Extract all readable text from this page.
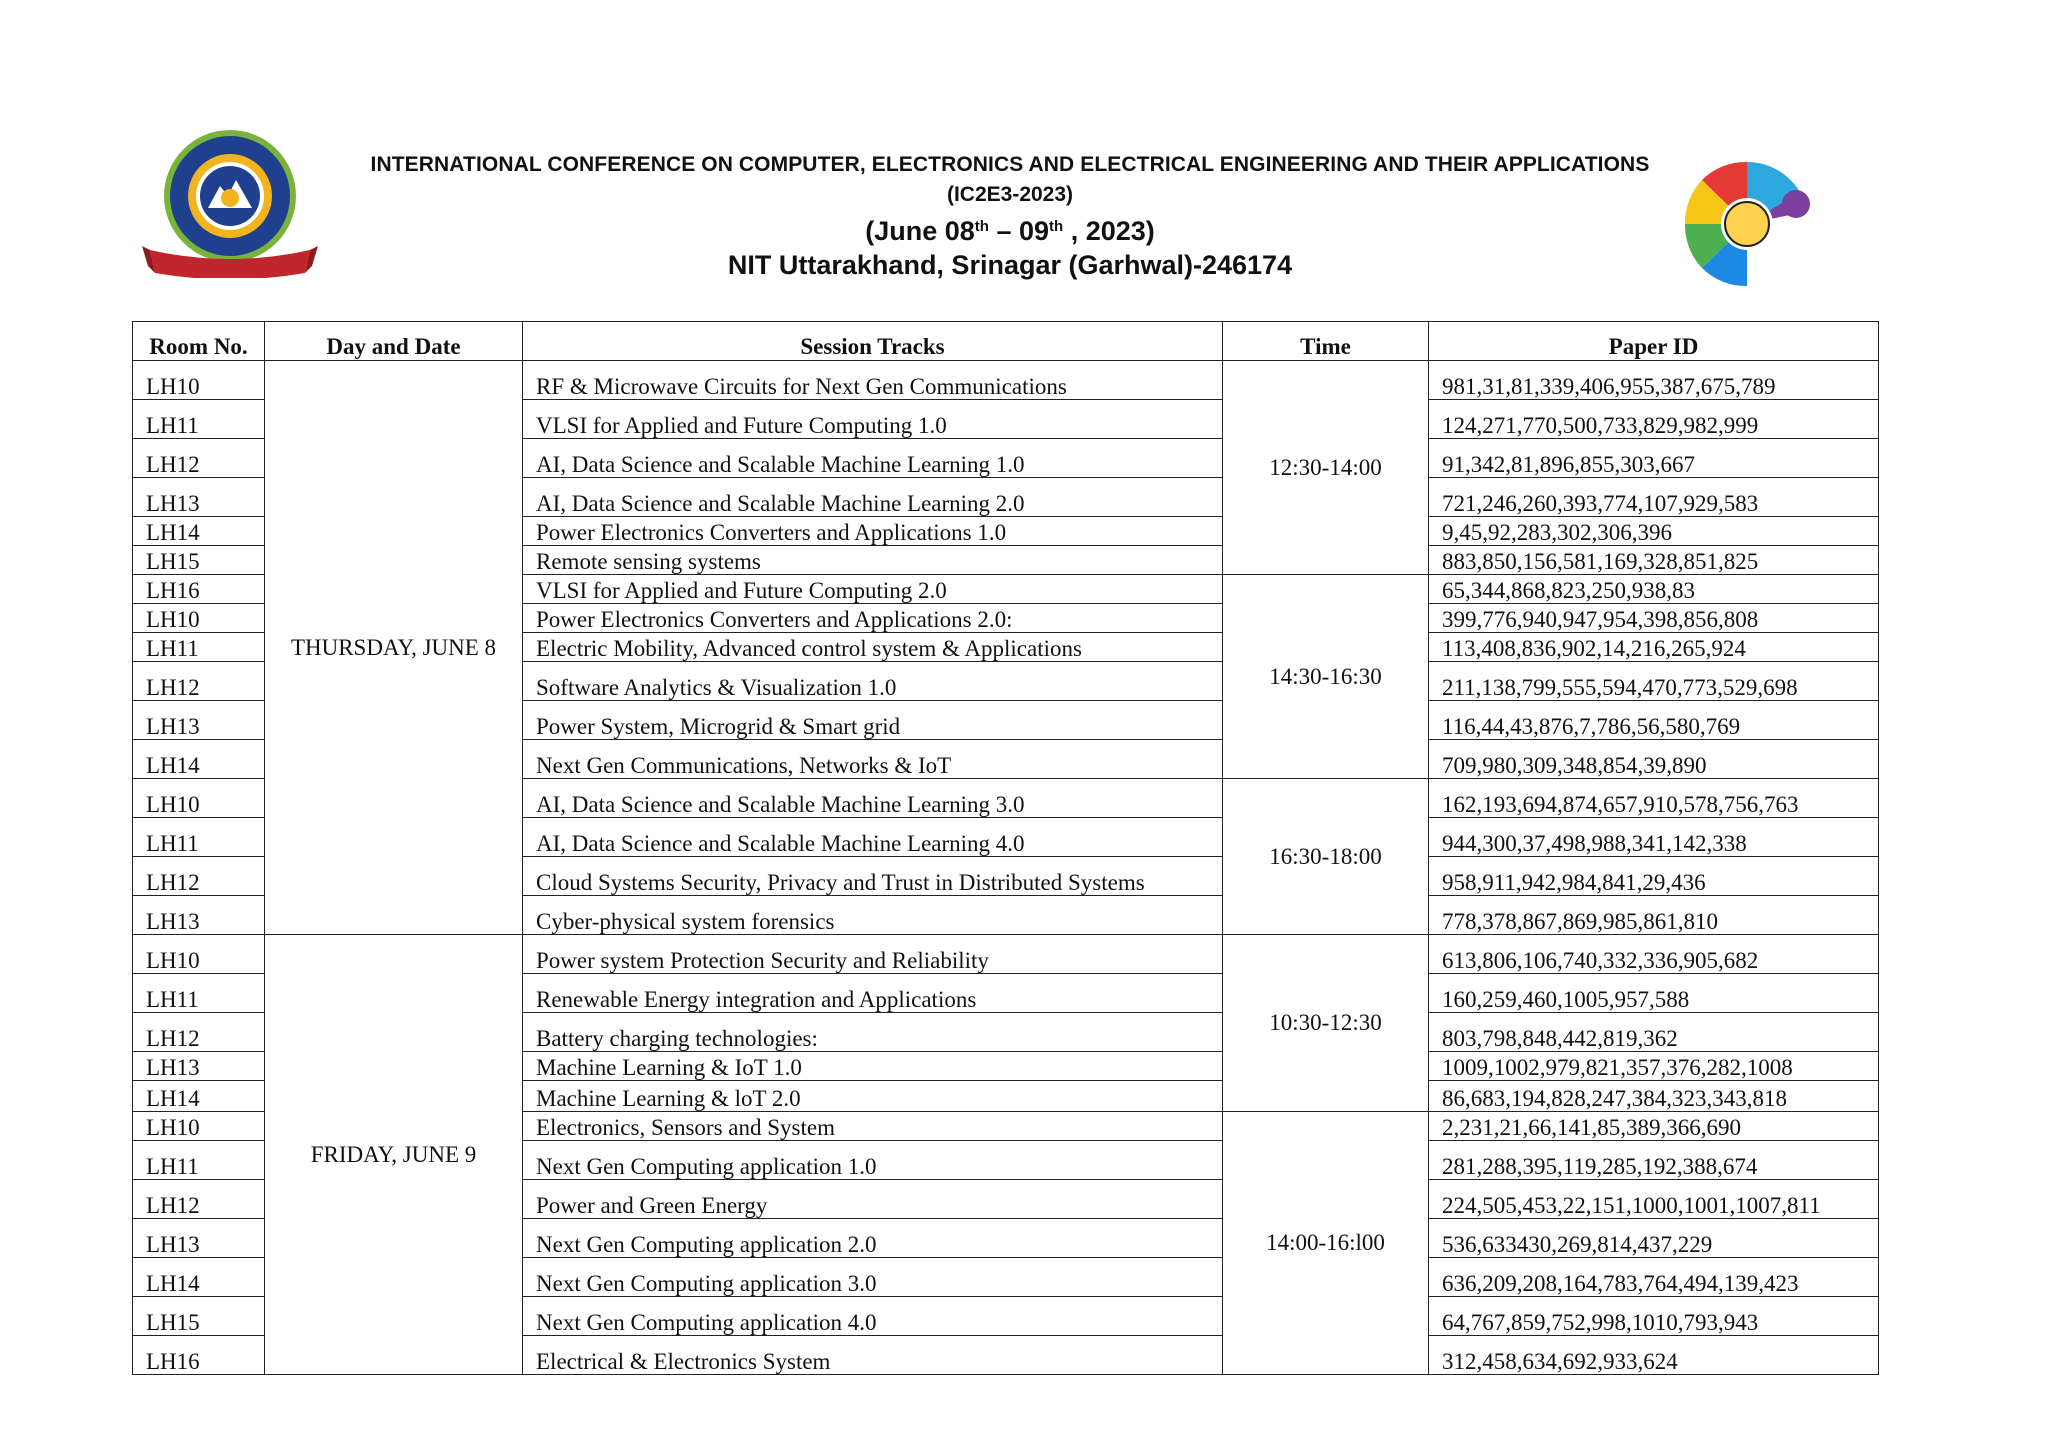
INTERNATIONAL CONFERENCE ON COMPUTER, ELECTRONICS AND ELECTRICAL ENGINEERING AND THEIR APPLICATIONS
(IC2E3-2023)
(June 08th – 09th , 2023)
NIT Uttarakhand, Srinagar (Garhwal)-246174
Room No.	Day and Date	Session Tracks	Time	Paper ID
LH10	THURSDAY, JUNE 8	RF & Microwave Circuits for Next Gen Communications	12:30-14:00	981,31,81,339,406,955,387,675,789
LH11		VLSI for Applied and Future Computing 1.0		124,271,770,500,733,829,982,999
LH12		AI, Data Science and Scalable Machine Learning 1.0		91,342,81,896,855,303,667
LH13		AI, Data Science and Scalable Machine Learning 2.0		721,246,260,393,774,107,929,583
LH14		Power Electronics Converters and Applications 1.0		9,45,92,283,302,306,396
LH15		Remote sensing systems		883,850,156,581,169,328,851,825
LH16		VLSI for Applied and Future Computing 2.0	14:30-16:30	65,344,868,823,250,938,83
LH10		Power Electronics Converters and Applications 2.0:		399,776,940,947,954,398,856,808
LH11		Electric Mobility, Advanced control system & Applications		113,408,836,902,14,216,265,924
LH12		Software Analytics & Visualization 1.0		211,138,799,555,594,470,773,529,698
LH13		Power System, Microgrid & Smart grid		116,44,43,876,7,786,56,580,769
LH14		Next Gen Communications, Networks & IoT		709,980,309,348,854,39,890
LH10		AI, Data Science and Scalable Machine Learning 3.0	16:30-18:00	162,193,694,874,657,910,578,756,763
LH11		AI, Data Science and Scalable Machine Learning 4.0		944,300,37,498,988,341,142,338
LH12		Cloud Systems Security, Privacy and Trust in Distributed Systems		958,911,942,984,841,29,436
LH13		Cyber-physical system forensics		778,378,867,869,985,861,810
LH10	FRIDAY, JUNE 9	Power system Protection Security and Reliability	10:30-12:30	613,806,106,740,332,336,905,682
LH11		Renewable Energy integration and Applications		160,259,460,1005,957,588
LH12		Battery charging technologies:		803,798,848,442,819,362
LH13		Machine Learning & IoT 1.0		1009,1002,979,821,357,376,282,1008
LH14		Machine Learning & loT 2.0		86,683,194,828,247,384,323,343,818
LH10		Electronics, Sensors and System	14:00-16:l00	2,231,21,66,141,85,389,366,690
LH11		Next Gen Computing application 1.0		281,288,395,119,285,192,388,674
LH12		Power and Green Energy		224,505,453,22,151,1000,1001,1007,811
LH13		Next Gen Computing application 2.0		536,633430,269,814,437,229
LH14		Next Gen Computing application 3.0		636,209,208,164,783,764,494,139,423
LH15		Next Gen Computing application 4.0		64,767,859,752,998,1010,793,943
LH16		Electrical & Electronics System		312,458,634,692,933,624
